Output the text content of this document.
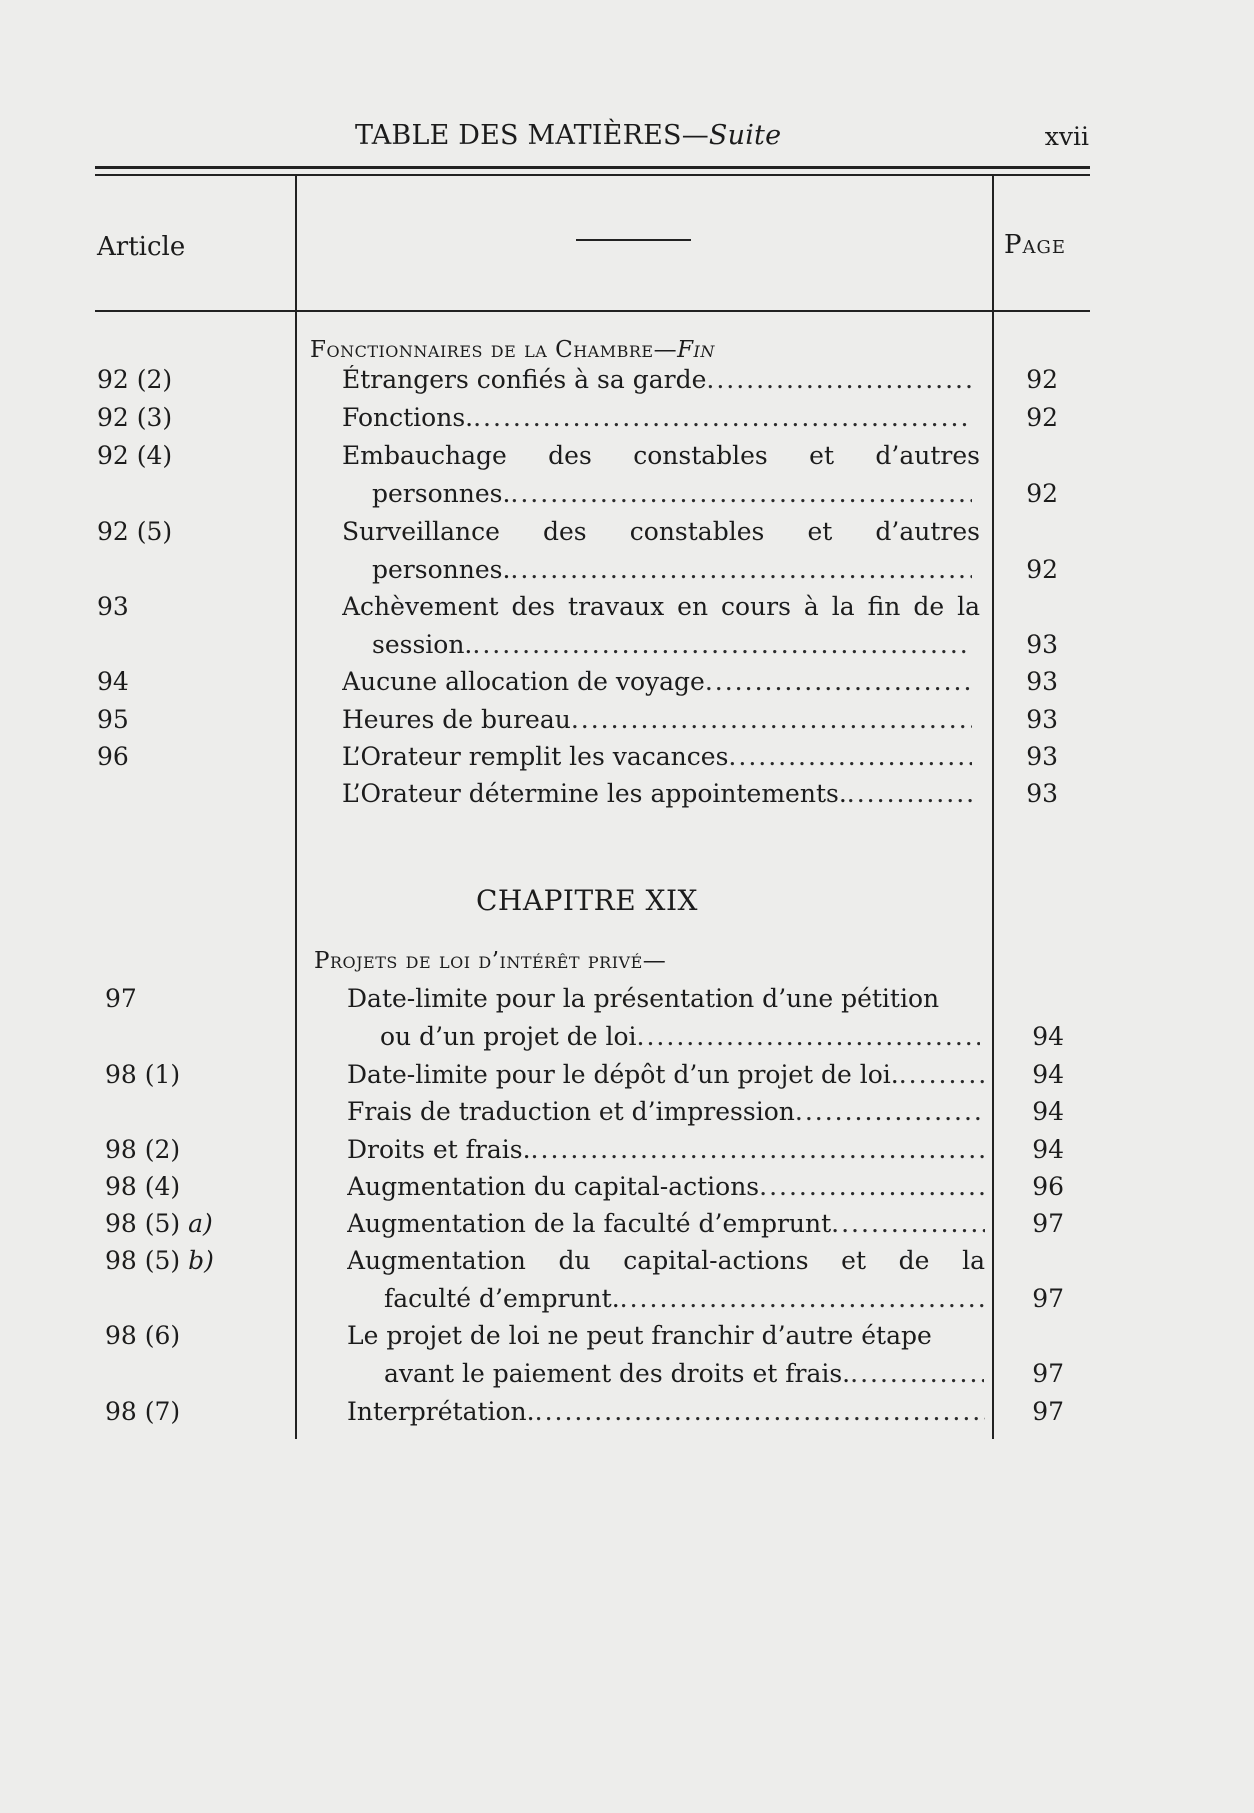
TABLE DES MATIÈRES—Suite	xvii
Article	Page
Fonctionnaires de la Chambre—Fin
92 (2)	Étrangers confiés à sa garde .....	92
92 (3)	Fonctions. .....	92
92 (4)	Embauchage des constables et d’autres
personnes. .....	92
92 (5)	Surveillance des constables et d’autres
personnes. .....	92
93	Achèvement des travaux en cours à la fin de la
session. .....	93
94	Aucune allocation de voyage .....	93
95	Heures de bureau .....	93
96	L’Orateur remplit les vacances .....	93
L’Orateur détermine les appointements. .....	93
CHAPITRE XIX
Projets de loi d’intérêt privé—
97	Date-limite pour la présentation d’une pétition
ou d’un projet de loi .....	94
98 (1)	Date-limite pour le dépôt d’un projet de loi. .....	94
Frais de traduction et d’impression .....	94
98 (2)	Droits et frais. .....	94
98 (4)	Augmentation du capital-actions .....	96
98 (5) a)	Augmentation de la faculté d’emprunt .....	97
98 (5) b)	Augmentation du capital-actions et de la
faculté d’emprunt. .....	97
98 (6)	Le projet de loi ne peut franchir d’autre étape
avant le paiement des droits et frais. .....	97
98 (7)	Interprétation. .....	97
